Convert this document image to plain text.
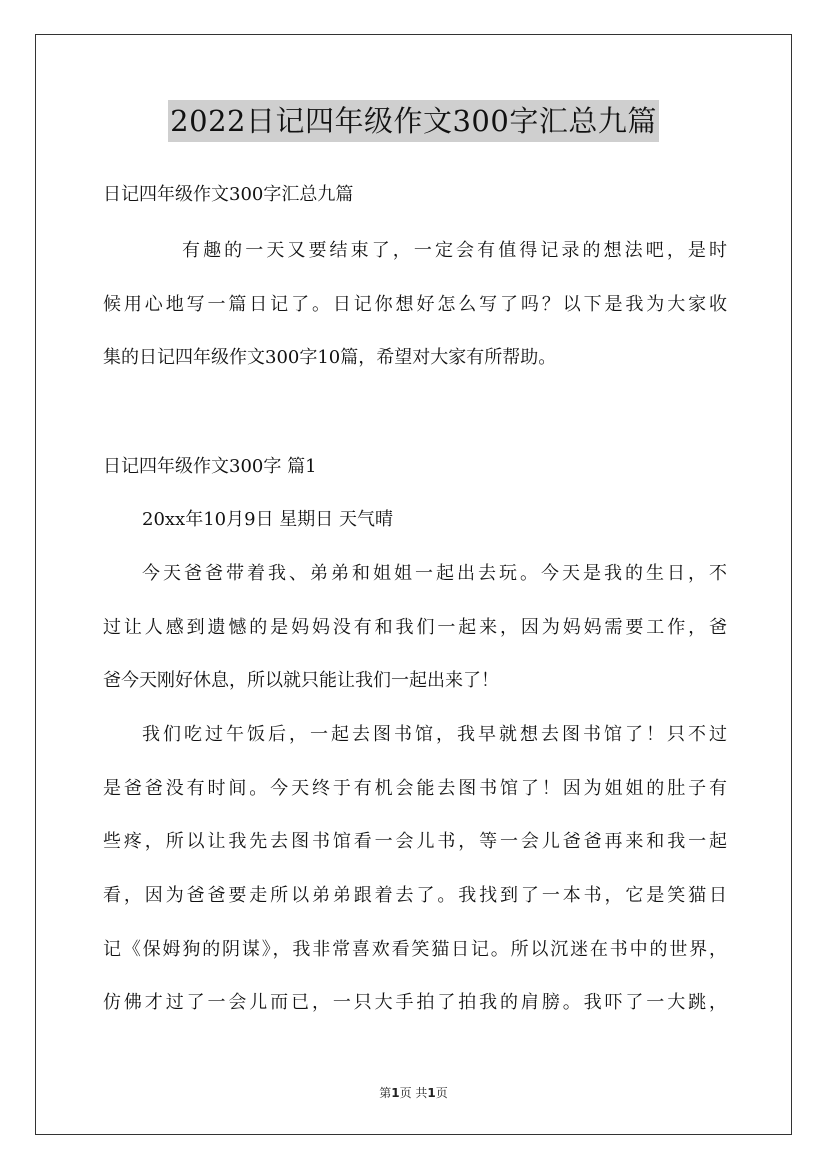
2022日记四年级作文300字汇总九篇
日记四年级作文300字汇总九篇
有趣的一天又要结束了，一定会有值得记录的想法吧，是时
候用心地写一篇日记了。日记你想好怎么写了吗？以下是我为大家收
集的日记四年级作文300字10篇，希望对大家有所帮助。
日记四年级作文300字 篇1
20xx年10月9日 星期日 天气晴
今天爸爸带着我、弟弟和姐姐一起出去玩。今天是我的生日，不
过让人感到遗憾的是妈妈没有和我们一起来，因为妈妈需要工作，爸
爸今天刚好休息，所以就只能让我们一起出来了！
我们吃过午饭后，一起去图书馆，我早就想去图书馆了！只不过
是爸爸没有时间。今天终于有机会能去图书馆了！因为姐姐的肚子有
些疼，所以让我先去图书馆看一会儿书，等一会儿爸爸再来和我一起
看，因为爸爸要走所以弟弟跟着去了。我找到了一本书，它是笑猫日
记《保姆狗的阴谋》，我非常喜欢看笑猫日记。所以沉迷在书中的世界，
仿佛才过了一会儿而已，一只大手拍了拍我的肩膀。我吓了一大跳，
第1页 共1页
